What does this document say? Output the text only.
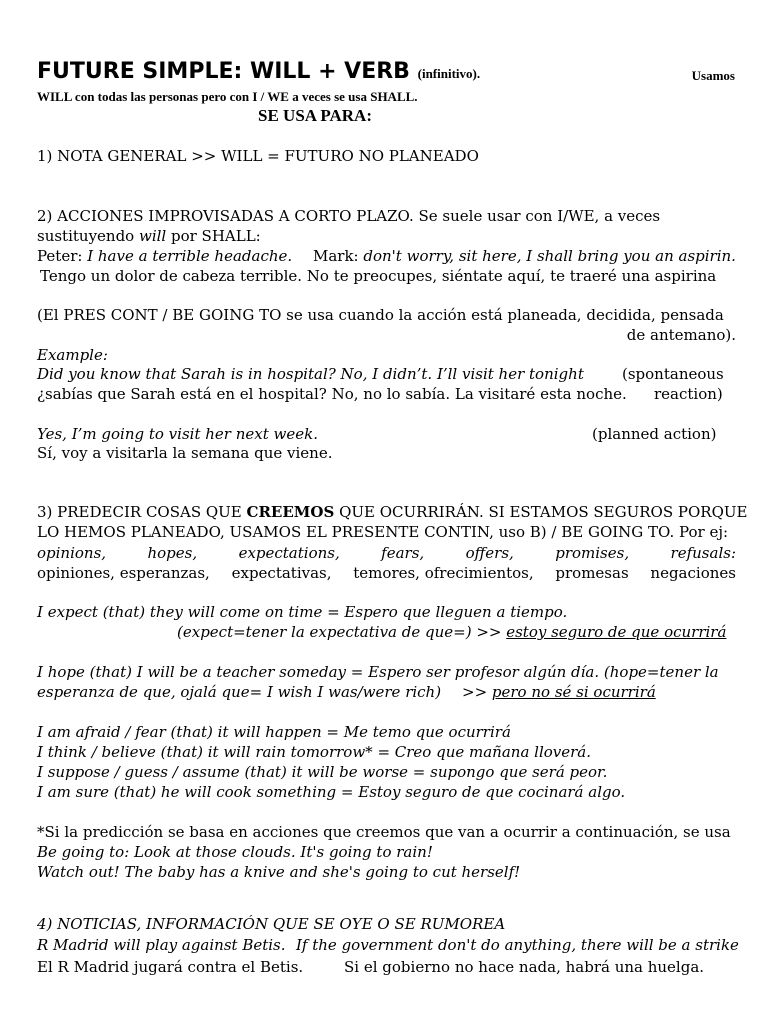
FUTURE SIMPLE: WILL + VERB (infinitivo).	Usamos
WILL con todas las personas pero con I / WE a veces se usa SHALL.
SE USA PARA:
1) NOTA GENERAL >> WILL = FUTURO NO PLANEADO
2) ACCIONES IMPROVISADAS A CORTO PLAZO. Se suele usar con I/WE, a veces
sustituyendo will por SHALL:
Peter: I have a terrible headache. Mark: don't worry, sit here, I shall bring you an aspirin.
Tengo un dolor de cabeza terrible. No te preocupes, siéntate aquí, te traeré una aspirina
(El PRES CONT / BE GOING TO se usa cuando la acción está planeada, decidida, pensada
de antemano).
Example:
Did you know that Sarah is in hospital? No, I didn’t. I’ll visit her tonight	(spontaneous
¿sabías que Sarah está en el hospital? No, no lo sabía. La visitaré esta noche. reaction)
Yes, I’m going to visit her next week.	(planned action)
Sí, voy a visitarla la semana que viene.
3) PREDECIR COSAS QUE CREEMOS QUE OCURRIRÁN. SI ESTAMOS SEGUROS PORQUE
LO HEMOS PLANEADO, USAMOS EL PRESENTE CONTIN, uso B) / BE GOING TO. Por ej:
opinions,	hopes,	expectations,	fears,	offers,	promises,	refusals:
opiniones, esperanzas, expectativas, temores, ofrecimientos, promesas negaciones
I expect (that) they will come on time = Espero que lleguen a tiempo.
(expect=tener la expectativa de que=) >> estoy seguro de que ocurrirá
I hope (that) I will be a teacher someday = Espero ser profesor algún día. (hope=tener la
esperanza de que, ojalá que= I wish I was/were rich) >> pero no sé si ocurrirá
I am afraid / fear (that) it will happen = Me temo que ocurrirá
I think / believe (that) it will rain tomorrow* = Creo que mañana lloverá.
I suppose / guess / assume (that) it will be worse = supongo que será peor.
I am sure (that) he will cook something = Estoy seguro de que cocinará algo.
*Si la predicción se basa en acciones que creemos que van a ocurrir a continuación, se usa
Be going to: Look at those clouds. It's going to rain!
Watch out! The baby has a knive and she's going to cut herself!
4) NOTICIAS, INFORMACIÓN QUE SE OYE O SE RUMOREA
R Madrid will play against Betis. If the government don't do anything, there will be a strike
El R Madrid jugará contra el Betis.	Si el gobierno no hace nada, habrá una huelga.
